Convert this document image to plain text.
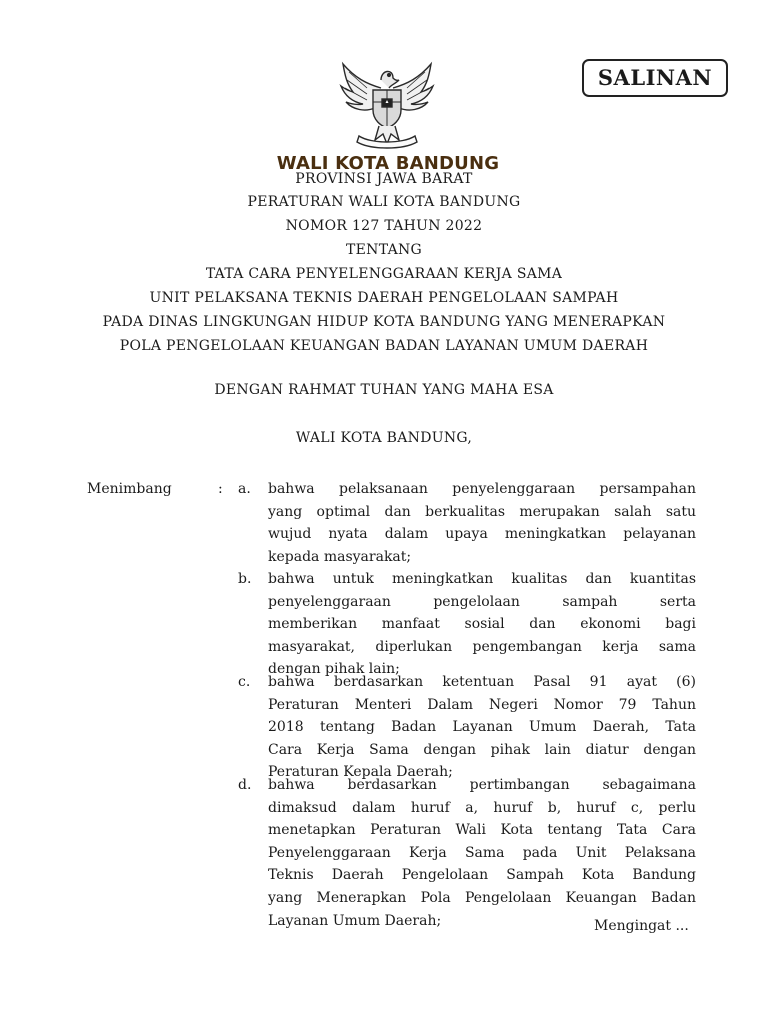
SALINAN
WALI KOTA BANDUNG
PROVINSI JAWA BARAT
PERATURAN WALI KOTA BANDUNG
NOMOR 127 TAHUN 2022
TENTANG
TATA CARA PENYELENGGARAAN KERJA SAMA
UNIT PELAKSANA TEKNIS DAERAH PENGELOLAAN SAMPAH
PADA DINAS LINGKUNGAN HIDUP KOTA BANDUNG YANG MENERAPKAN
POLA PENGELOLAAN KEUANGAN BADAN LAYANAN UMUM DAERAH
DENGAN RAHMAT TUHAN YANG MAHA ESA
WALI KOTA BANDUNG,
Menimbang	: a. bahwa pelaksanaan penyelenggaraan persampahan
yang optimal dan berkualitas merupakan salah satu
wujud nyata dalam upaya meningkatkan pelayanan
kepada masyarakat;
b. bahwa untuk meningkatkan kualitas dan kuantitas
penyelenggaraan pengelolaan sampah serta
memberikan manfaat sosial dan ekonomi bagi
masyarakat, diperlukan pengembangan kerja sama
dengan pihak lain;
c. bahwa berdasarkan ketentuan Pasal 91 ayat (6)
Peraturan Menteri Dalam Negeri Nomor 79 Tahun
2018 tentang Badan Layanan Umum Daerah, Tata
Cara Kerja Sama dengan pihak lain diatur dengan
Peraturan Kepala Daerah;
d. bahwa berdasarkan pertimbangan sebagaimana
dimaksud dalam huruf a, huruf b, huruf c, perlu
menetapkan Peraturan Wali Kota tentang Tata Cara
Penyelenggaraan Kerja Sama pada Unit Pelaksana
Teknis Daerah Pengelolaan Sampah Kota Bandung
yang Menerapkan Pola Pengelolaan Keuangan Badan
Layanan Umum Daerah;	Mengingat ...
